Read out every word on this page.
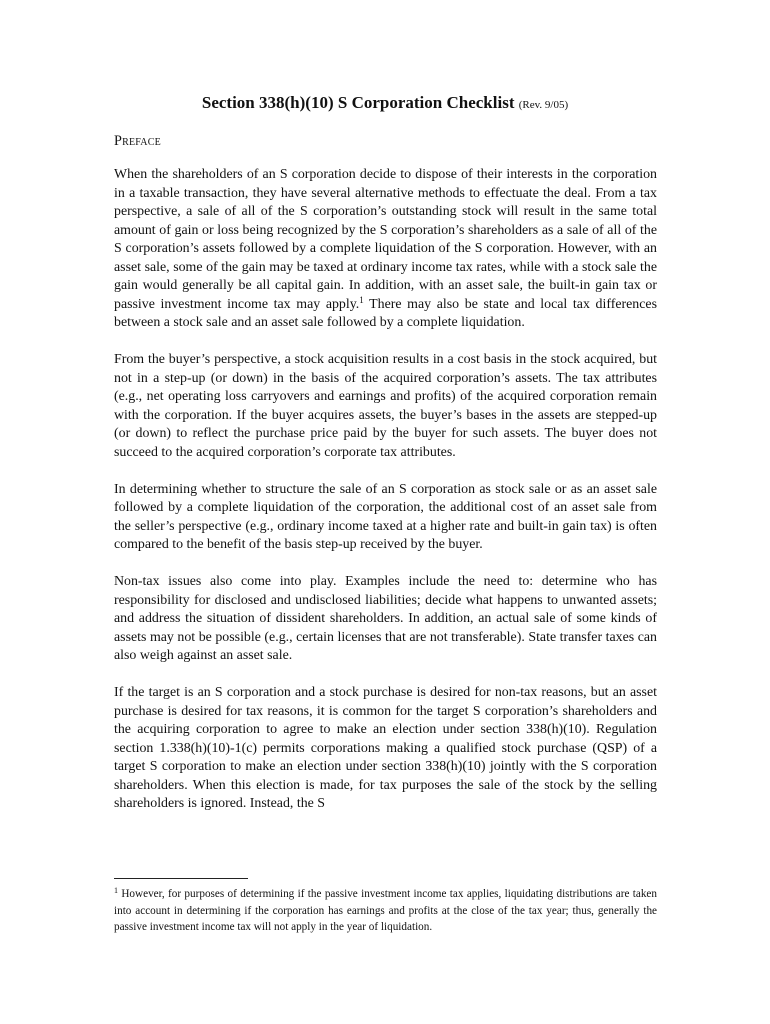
Section 338(h)(10) S Corporation Checklist (Rev. 9/05)
Preface

When the shareholders of an S corporation decide to dispose of their interests in the corporation in a taxable transaction, they have several alternative methods to effectuate the deal. From a tax perspective, a sale of all of the S corporation’s outstanding stock will result in the same total amount of gain or loss being recognized by the S corporation’s shareholders as a sale of all of the S corporation’s assets followed by a complete liquidation of the S corporation. However, with an asset sale, some of the gain may be taxed at ordinary income tax rates, while with a stock sale the gain would generally be all capital gain. In addition, with an asset sale, the built-in gain tax or passive investment income tax may apply.$^1$ There may also be state and local tax differences between a stock sale and an asset sale followed by a complete liquidation.

From the buyer’s perspective, a stock acquisition results in a cost basis in the stock acquired, but not in a step-up (or down) in the basis of the acquired corporation’s assets. The tax attributes (e.g., net operating loss carryovers and earnings and profits) of the acquired corporation remain with the corporation. If the buyer acquires assets, the buyer’s bases in the assets are stepped-up (or down) to reflect the purchase price paid by the buyer for such assets. The buyer does not succeed to the acquired corporation’s corporate tax attributes.

In determining whether to structure the sale of an S corporation as stock sale or as an asset sale followed by a complete liquidation of the corporation, the additional cost of an asset sale from the seller’s perspective (e.g., ordinary income taxed at a higher rate and built-in gain tax) is often compared to the benefit of the basis step-up received by the buyer.

Non-tax issues also come into play. Examples include the need to: determine who has responsibility for disclosed and undisclosed liabilities; decide what happens to unwanted assets; and address the situation of dissident shareholders. In addition, an actual sale of some kinds of assets may not be possible (e.g., certain licenses that are not transferable). State transfer taxes can also weigh against an asset sale.

If the target is an S corporation and a stock purchase is desired for non-tax reasons, but an asset purchase is desired for tax reasons, it is common for the target S corporation’s shareholders and the acquiring corporation to agree to make an election under section 338(h)(10). Regulation section 1.338(h)(10)-1(c) permits corporations making a qualified stock purchase (QSP) of a target S corporation to make an election under section 338(h)(10) jointly with the S corporation shareholders. When this election is made, for tax purposes the sale of the stock by the selling shareholders is ignored. Instead, the S

$^1$ However, for purposes of determining if the passive investment income tax applies, liquidating distributions are taken into account in determining if the corporation has earnings and profits at the close of the tax year; thus, generally the passive investment income tax will not apply in the year of liquidation.
